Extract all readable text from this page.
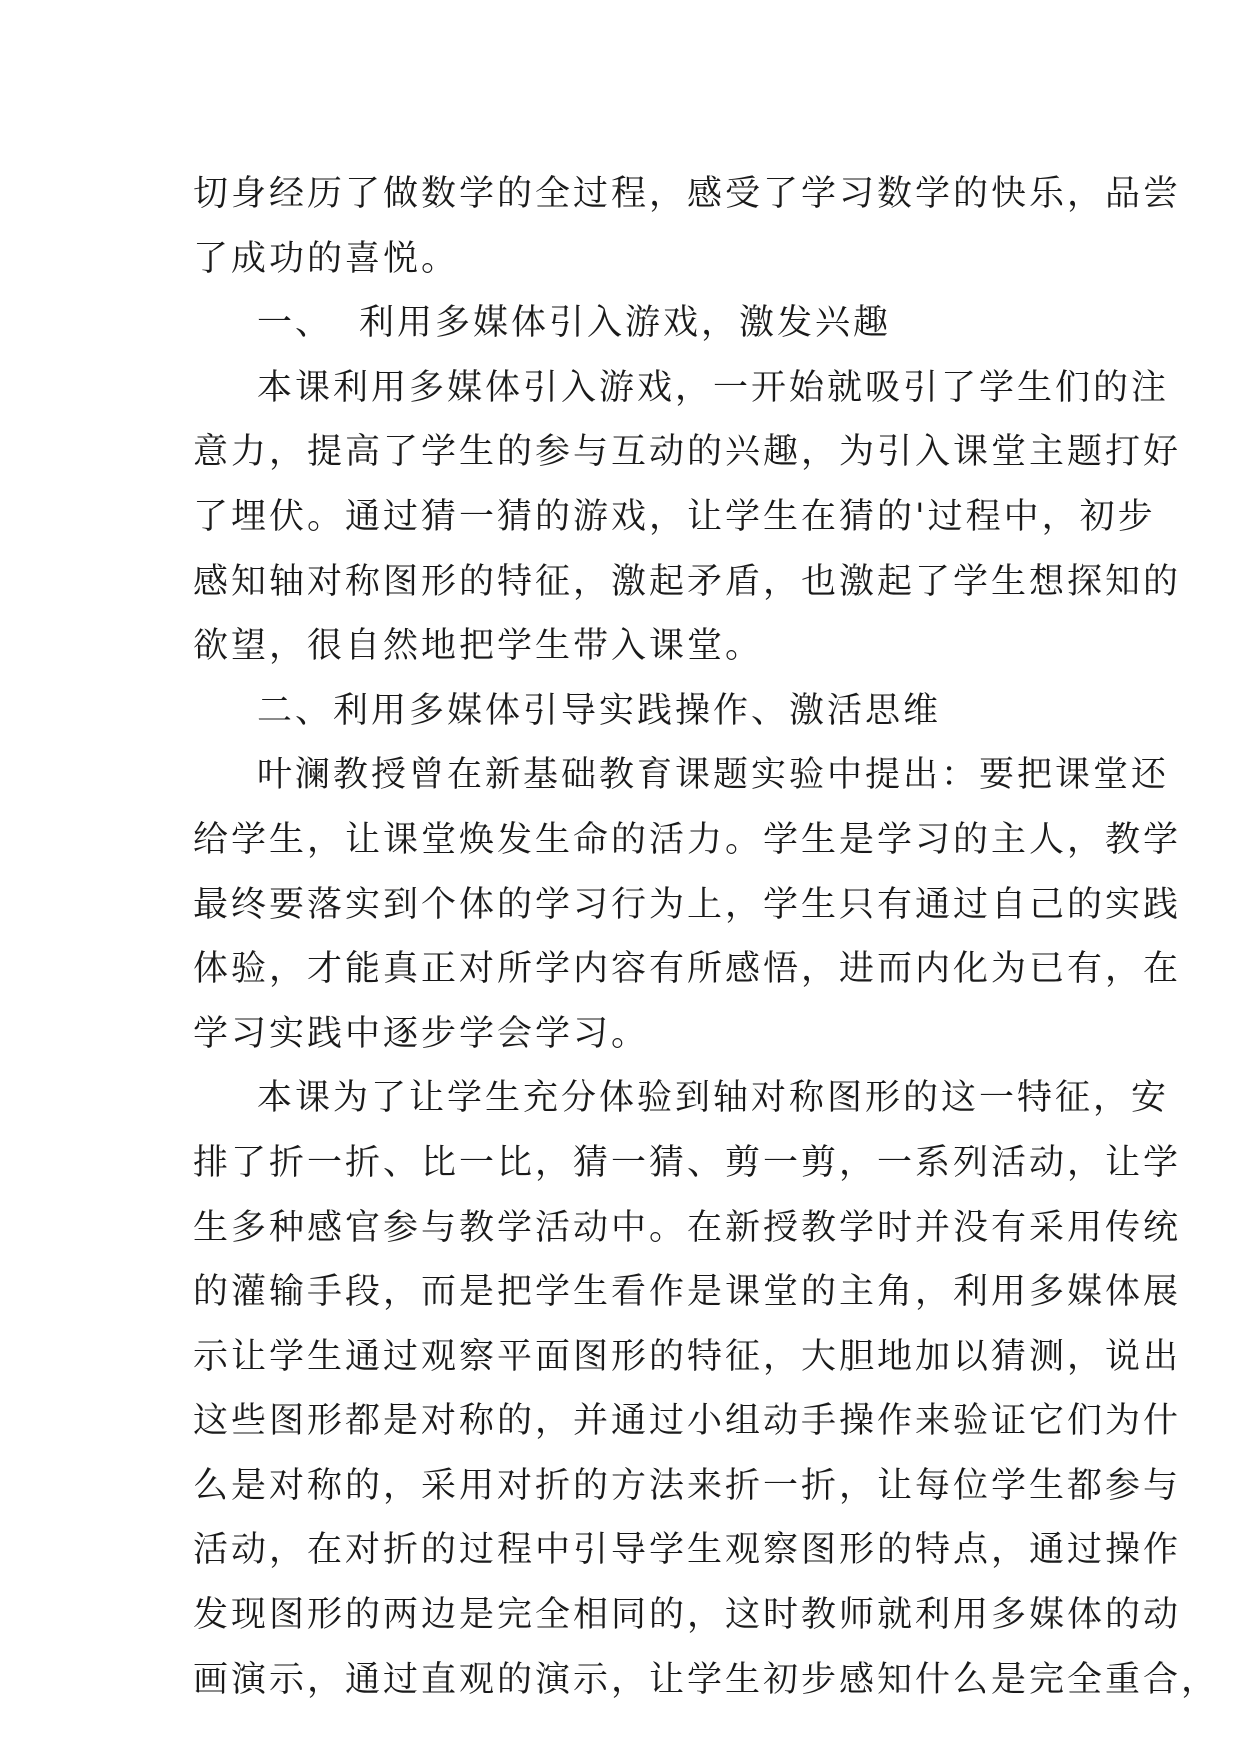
切身经历了做数学的全过程，感受了学习数学的快乐，品尝
了成功的喜悦。
一、 利用多媒体引入游戏，激发兴趣
本课利用多媒体引入游戏，一开始就吸引了学生们的注
意力，提高了学生的参与互动的兴趣，为引入课堂主题打好
了埋伏。通过猜一猜的游戏，让学生在猜的'过程中，初步
感知轴对称图形的特征，激起矛盾，也激起了学生想探知的
欲望，很自然地把学生带入课堂。
二、利用多媒体引导实践操作、激活思维
叶澜教授曾在新基础教育课题实验中提出：要把课堂还
给学生，让课堂焕发生命的活力。学生是学习的主人，教学
最终要落实到个体的学习行为上，学生只有通过自己的实践
体验，才能真正对所学内容有所感悟，进而内化为已有，在
学习实践中逐步学会学习。
本课为了让学生充分体验到轴对称图形的这一特征，安
排了折一折、比一比，猜一猜、剪一剪，一系列活动，让学
生多种感官参与教学活动中。在新授教学时并没有采用传统
的灌输手段，而是把学生看作是课堂的主角，利用多媒体展
示让学生通过观察平面图形的特征，大胆地加以猜测，说出
这些图形都是对称的，并通过小组动手操作来验证它们为什
么是对称的，采用对折的方法来折一折，让每位学生都参与
活动，在对折的过程中引导学生观察图形的特点，通过操作
发现图形的两边是完全相同的，这时教师就利用多媒体的动
画演示，通过直观的演示，让学生初步感知什么是完全重合，
